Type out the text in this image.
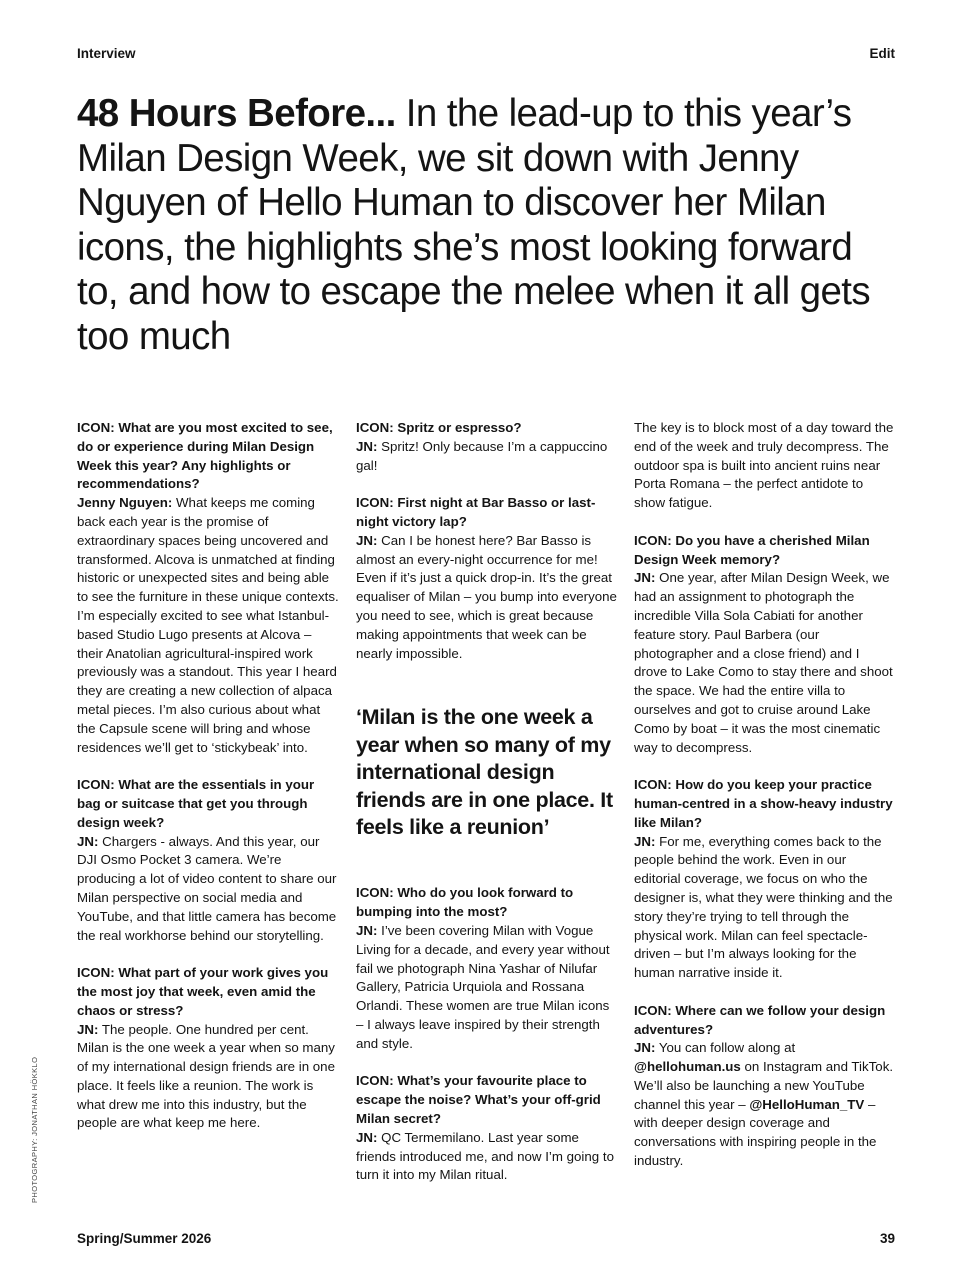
Interview	Edit
48 Hours Before... In the lead-up to this year’s Milan Design Week, we sit down with Jenny Nguyen of Hello Human to discover her Milan icons, the highlights she’s most looking forward to, and how to escape the melee when it all gets too much

ICON: What are you most excited to see, do or experience during Milan Design Week this year? Any highlights or recommendations?
Jenny Nguyen: What keeps me coming back each year is the promise of extraordinary spaces being uncovered and transformed. Alcova is unmatched at finding historic or unexpected sites and being able to see the furniture in these unique contexts. I’m especially excited to see what Istanbul-based Studio Lugo presents at Alcova – their Anatolian agricultural-inspired work previously was a standout. This year I heard they are creating a new collection of alpaca metal pieces. I’m also curious about what the Capsule scene will bring and whose residences we’ll get to ‘stickybeak’ into.

ICON: What are the essentials in your bag or suitcase that get you through design week?
JN: Chargers - always. And this year, our DJI Osmo Pocket 3 camera. We’re producing a lot of video content to share our Milan perspective on social media and YouTube, and that little camera has become the real workhorse behind our storytelling.

ICON: What part of your work gives you the most joy that week, even amid the chaos or stress?
JN: The people. One hundred per cent. Milan is the one week a year when so many of my international design friends are in one place. It feels like a reunion. The work is what drew me into this industry, but the people are what keep me here.

ICON: Spritz or espresso?
JN: Spritz! Only because I’m a cappuccino gal!

ICON: First night at Bar Basso or last-night victory lap?
JN: Can I be honest here? Bar Basso is almost an every-night occurrence for me! Even if it’s just a quick drop-in. It’s the great equaliser of Milan – you bump into everyone you need to see, which is great because making appointments that week can be nearly impossible.

‘Milan is the one week a year when so many of my international design friends are in one place. It feels like a reunion’

ICON: Who do you look forward to bumping into the most?
JN: I’ve been covering Milan with Vogue Living for a decade, and every year without fail we photograph Nina Yashar of Nilufar Gallery, Patricia Urquiola and Rossana Orlandi. These women are true Milan icons – I always leave inspired by their strength and style.

ICON: What’s your favourite place to escape the noise? What’s your off-grid Milan secret?
JN: QC Termemilano. Last year some friends introduced me, and now I’m going to turn it into my Milan ritual.

The key is to block most of a day toward the end of the week and truly decompress. The outdoor spa is built into ancient ruins near Porta Romana – the perfect antidote to show fatigue.

ICON: Do you have a cherished Milan Design Week memory?
JN: One year, after Milan Design Week, we had an assignment to photograph the incredible Villa Sola Cabiati for another feature story. Paul Barbera (our photographer and a close friend) and I drove to Lake Como to stay there and shoot the space. We had the entire villa to ourselves and got to cruise around Lake Como by boat – it was the most cinematic way to decompress.

ICON: How do you keep your practice human-centred in a show-heavy industry like Milan?
JN: For me, everything comes back to the people behind the work. Even in our editorial coverage, we focus on who the designer is, what they were thinking and the story they’re trying to tell through the physical work. Milan can feel spectacle-driven – but I’m always looking for the human narrative inside it.

ICON: Where can we follow your design adventures?
JN: You can follow along at @hellohuman.us on Instagram and TikTok. We’ll also be launching a new YouTube channel this year – @HelloHuman_TV – with deeper design coverage and conversations with inspiring people in the industry.

PHOTOGRAPHY: JONATHAN HÖKKLO
Spring/Summer 2026	39
